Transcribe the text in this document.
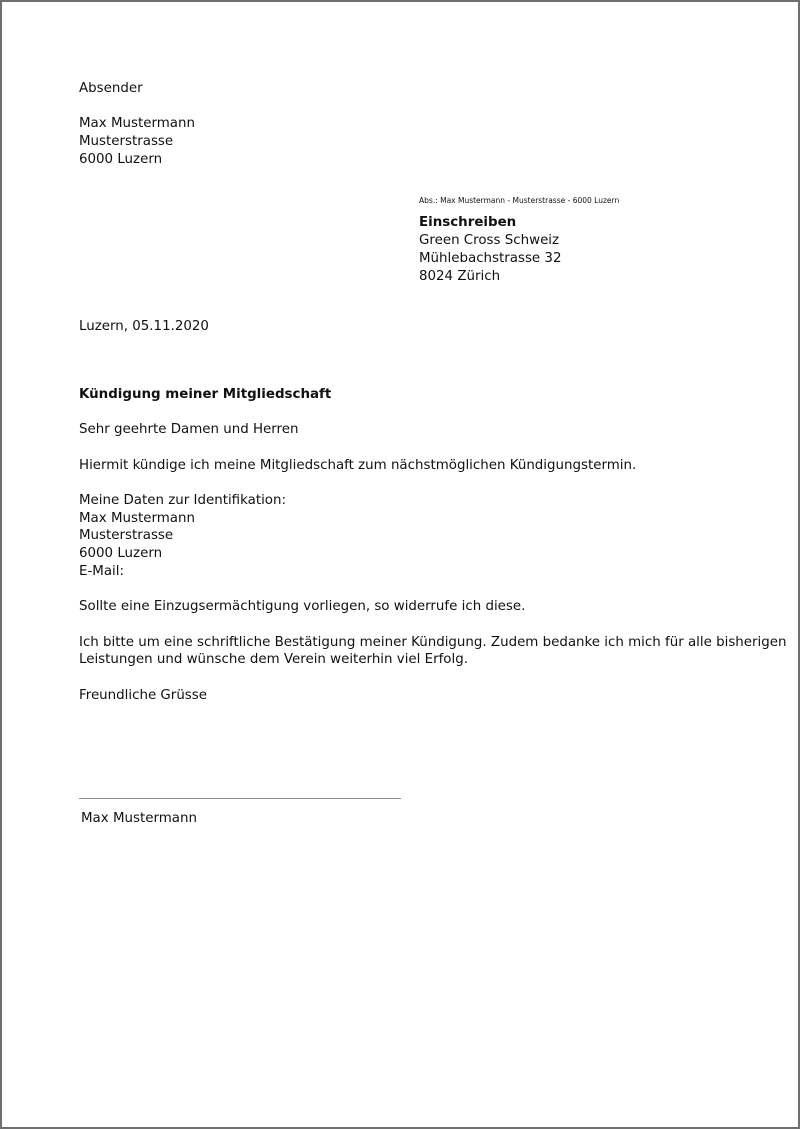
Absender
Max Mustermann
Musterstrasse
6000 Luzern
Abs.: Max Mustermann - Musterstrasse - 6000 Luzern
Einschreiben
Green Cross Schweiz
Mühlebachstrasse 32
8024 Zürich
Luzern, 05.11.2020
Kündigung meiner Mitgliedschaft
Sehr geehrte Damen und Herren
Hiermit kündige ich meine Mitgliedschaft zum nächstmöglichen Kündigungstermin.
Meine Daten zur Identifikation:
Max Mustermann
Musterstrasse
6000 Luzern
E-Mail:
Sollte eine Einzugsermächtigung vorliegen, so widerrufe ich diese.
Ich bitte um eine schriftliche Bestätigung meiner Kündigung. Zudem bedanke ich mich für alle bisherigen
Leistungen und wünsche dem Verein weiterhin viel Erfolg.
Freundliche Grüsse
Max Mustermann
